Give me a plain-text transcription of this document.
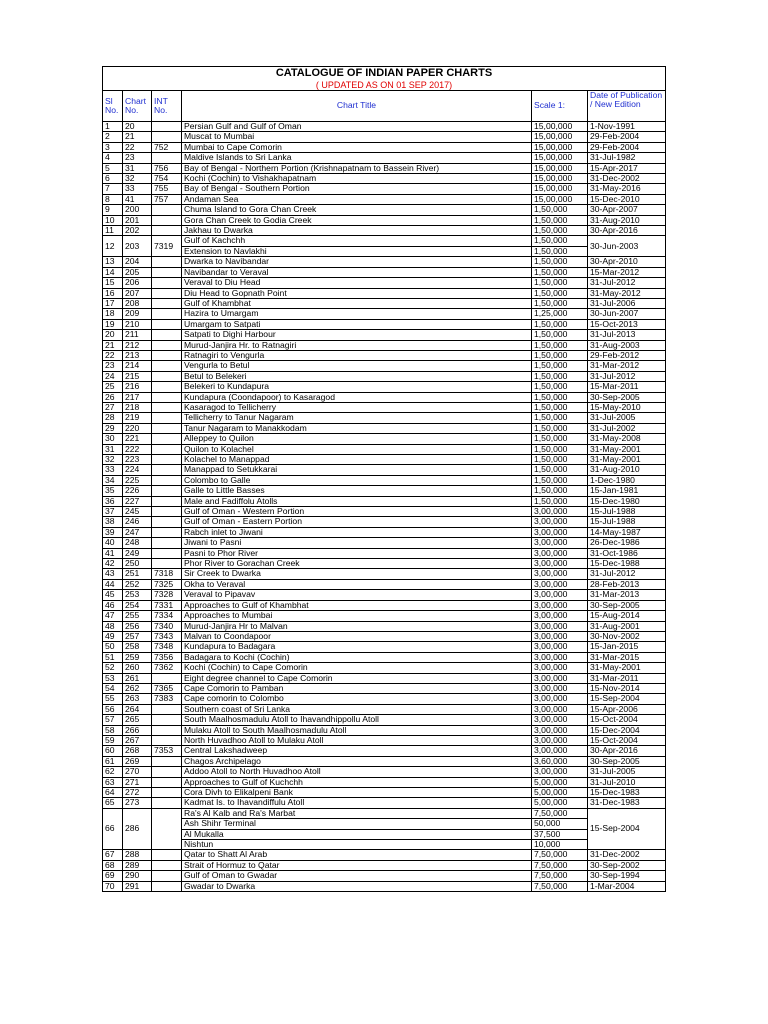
CATALOGUE OF INDIAN PAPER CHARTS					
( UPDATED AS ON 01 SEP 2017)					
Sl No.	Chart No.	INT No.	Chart Title	Scale 1:	Date of Publication / New Edition
1	20		Persian Gulf and Gulf of Oman	15,00,000	1-Nov-1991
2	21		Muscat to Mumbai	15,00,000	29-Feb-2004
3	22	752	Mumbai to Cape Comorin	15,00,000	29-Feb-2004
4	23		Maldive Islands to Sri Lanka	15,00,000	31-Jul-1982
5	31	756	Bay of Bengal - Northern Portion (Krishnapatnam to Bassein River)	15,00,000	15-Apr-2017
6	32	754	Kochi (Cochin) to Vishakhapatnam	15,00,000	31-Dec-2002
7	33	755	Bay of Bengal - Southern Portion	15,00,000	31-May-2016
8	41	757	Andaman Sea	15,00,000	15-Dec-2010
9	200		Chuma Island to Gora Chan Creek	1,50,000	30-Apr-2007
10	201		Gora Chan Creek to Godia Creek	1,50,000	31-Aug-2010
11	202		Jakhau to Dwarka	1,50,000	30-Apr-2016
12	203	7319	Gulf of Kachchh	1,50,000	30-Jun-2003
			Extension to Navlakhi	1,50,000	
13	204		Dwarka to Navibandar	1,50,000	30-Apr-2010
14	205		Navibandar to Veraval	1,50,000	15-Mar-2012
15	206		Veraval to Diu Head	1,50,000	31-Jul-2012
16	207		Diu Head to Gopnath Point	1,50,000	31-May-2012
17	208		Gulf of Khambhat	1,50,000	31-Jul-2006
18	209		Hazira to Umargam	1,25,000	30-Jun-2007
19	210		Umargam to Satpati	1,50,000	15-Oct-2013
20	211		Satpati to Dighi Harbour	1,50,000	31-Jul-2013
21	212		Murud-Janjira Hr. to Ratnagiri	1,50,000	31-Aug-2003
22	213		Ratnagiri to Vengurla	1,50,000	29-Feb-2012
23	214		Vengurla to Betul	1,50,000	31-Mar-2012
24	215		Betul to Belekeri	1,50,000	31-Jul-2012
25	216		Belekeri to Kundapura	1,50,000	15-Mar-2011
26	217		Kundapura (Coondapoor) to Kasaragod	1,50,000	30-Sep-2005
27	218		Kasaragod to Tellicherry	1,50,000	15-May-2010
28	219		Tellicherry to Tanur Nagaram	1,50,000	31-Jul-2005
29	220		Tanur Nagaram to Manakkodam	1,50,000	31-Jul-2002
30	221		Alleppey to Quilon	1,50,000	31-May-2008
31	222		Quilon to Kolachel	1,50,000	31-May-2001
32	223		Kolachel to Manappad	1,50,000	31-May-2001
33	224		Manappad to Setukkarai	1,50,000	31-Aug-2010
34	225		Colombo to Galle	1,50,000	1-Dec-1980
35	226		Galle to Little Basses	1,50,000	15-Jan-1981
36	227		Male and Fadiffolu Atolls	1,50,000	15-Dec-1980
37	245		Gulf of Oman - Western Portion	3,00,000	15-Jul-1988
38	246		Gulf of Oman - Eastern Portion	3,00,000	15-Jul-1988
39	247		Rabch inlet to Jiwani	3,00,000	14-May-1987
40	248		Jiwani to Pasni	3,00,000	26-Dec-1986
41	249		Pasni to Phor River	3,00,000	31-Oct-1986
42	250		Phor River to Gorachan Creek	3,00,000	15-Dec-1988
43	251	7318	Sir Creek to Dwarka	3,00,000	31-Jul-2012
44	252	7325	Okha to Veraval	3,00,000	28-Feb-2013
45	253	7328	Veraval to Pipavav	3,00,000	31-Mar-2013
46	254	7331	Approaches to Gulf of Khambhat	3,00,000	30-Sep-2005
47	255	7334	Approaches to Mumbai	3,00,000	15-Aug-2014
48	256	7340	Murud-Janjira Hr to Malvan	3,00,000	31-Aug-2001
49	257	7343	Malvan to Coondapoor	3,00,000	30-Nov-2002
50	258	7348	Kundapura to Badagara	3,00,000	15-Jan-2015
51	259	7356	Badagara to Kochi (Cochin)	3,00,000	31-Mar-2015
52	260	7362	Kochi (Cochin) to Cape Comorin	3,00,000	31-May-2001
53	261		Eight degree channel to Cape Comorin	3,00,000	31-Mar-2011
54	262	7365	Cape Comorin to Pamban	3,00,000	15-Nov-2014
55	263	7383	Cape comorin to Colombo	3,00,000	15-Sep-2004
56	264		Southern coast of Sri Lanka	3,00,000	15-Apr-2006
57	265		South Maalhosmadulu Atoll to Ihavandhippollu Atoll	3,00,000	15-Oct-2004
58	266		Mulaku Atoll to South Maalhosmadulu Atoll	3,00,000	15-Dec-2004
59	267		North Huvadhoo Atoll to Mulaku Atoll	3,00,000	15-Oct-2004
60	268	7353	Central Lakshadweep	3,00,000	30-Apr-2016
61	269		Chagos Archipelago	3,60,000	30-Sep-2005
62	270		Addoo Atoll to North Huvadhoo Atoll	3,00,000	31-Jul-2005
63	271		Approaches to Gulf of Kuchchh	5,00,000	31-Jul-2010
64	272		Cora Divh to Elikalpeni Bank	5,00,000	15-Dec-1983
65	273		Kadmat Is. to Ihavandiffulu Atoll	5,00,000	31-Dec-1983
66	286		Ra's Al Kalb and Ra's Marbat	7,50,000	15-Sep-2004
			Ash Shihr Terminal	50,000	
			Al Mukalla	37,500	
			Nishtun	10,000	
67	288		Qatar to Shatt Al Arab	7,50,000	31-Dec-2002
68	289		Strait of Hormuz to Qatar	7,50,000	30-Sep-2002
69	290		Gulf of Oman to Gwadar	7,50,000	30-Sep-1994
70	291		Gwadar to Dwarka	7,50,000	1-Mar-2004
